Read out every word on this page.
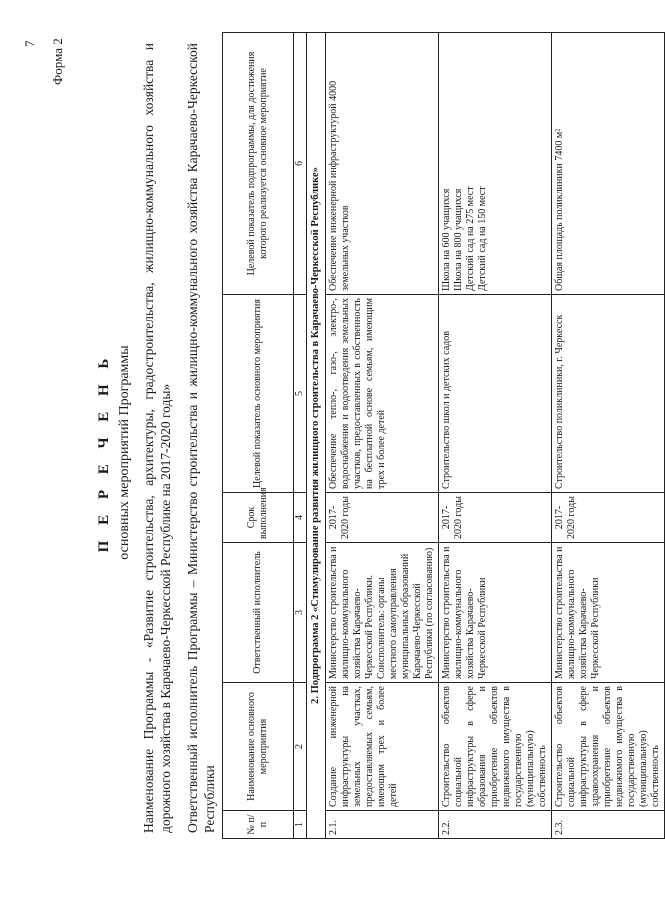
7 Форма 2
П Е Р Е Ч Е Н Ь основных мероприятий Программы Наименование Программы - «Развитие строительства, архитектуры, градостроительства, жилищно-коммунального хозяйства и дорожного хозяйства в Карачаево-Черкесской Республике на 2017-2020 годы» Ответственный исполнитель Программы – Министерство строительства и жилищно-коммунального хозяйства Карачаево-Черкесской Республики	№ п/п	Наименование основного мероприятия	Ответственный исполнитель	Срок выполнения	Целевой показатель основного мероприятия	Целевой показатель подпрограммы, для достижения которого реализуется основное мероприятие
1	2	3	4	5	6
2. Подпрограмма 2 «Стимулирование развития жилищного строительства в Карачаево-Черкесской Республике»					
2.1.	Создание инженерной инфраструктуры на земельных участках, предоставляемых семьям, имеющим трех и более детей	Министерство строительства и жилищно-коммунального хозяйства Карачаево-Черкесской Республики. Соисполнитель: органы местного самоуправления муниципальных образований Карачаево-Черкесской Республики (по согласованию)	2017-2020 годы	Обеспечение тепло-, газо-, электро-, водоснабжения и водоотведения земельных участков, предоставленных в собственность на бесплатной основе семьям, имеющим трех и более детей	Обеспечение инженерной инфраструктурой 4000 земельных участков
2.2.	Строительство объектов социальной инфраструктуры в сфере образования и приобретение объектов недвижимого имущества в государственную (муниципальную) собственность	Министерство строительства и жилищно-коммунального хозяйства Карачаево-Черкесской Республики	2017-2020 годы	Строительство школ и детских садов	Школа на 600 учащихся Школа на 800 учащихся Детский сад на 275 мест Детский сад на 150 мест

2.3.	Строительство объектов социальной инфраструктуры в сфере здравоохранения и приобретение объектов недвижимого имущества в государственную (муниципальную) собственность	Министерство строительства и жилищно-коммунального хозяйства Карачаево-Черкесской Республики	2017-2020 годы	Строительство поликлиники, г. Черкесск	Общая площадь поликлиники 7400 м²
